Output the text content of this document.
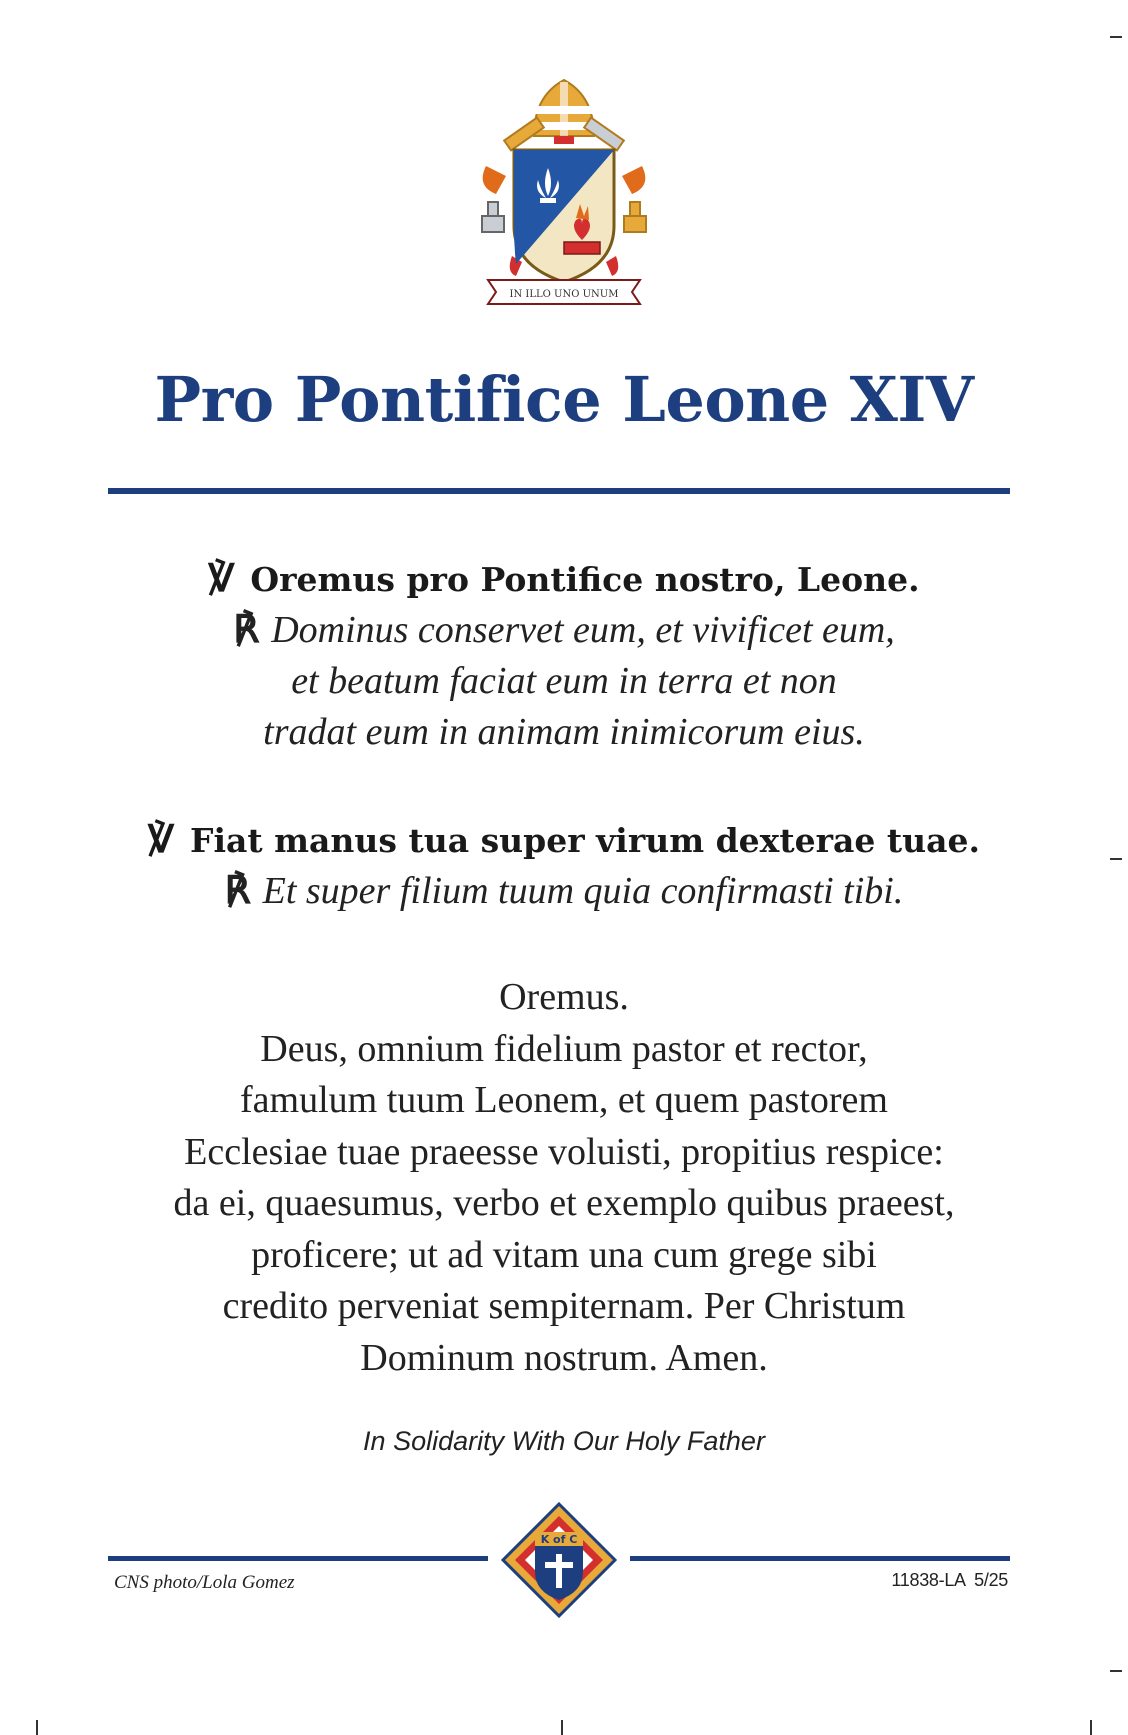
IN ILLO UNO UNUM
Pro Pontifice Leone XIV
℣ Oremus pro Pontifice nostro, Leone.
℟ Dominus conservet eum, et vivificet eum,
et beatum faciat eum in terra et non
tradat eum in animam inimicorum eius.
℣ Fiat manus tua super virum dexterae tuae.
℟ Et super filium tuum quia confirmasti tibi.
Oremus.
Deus, omnium fidelium pastor et rector,
famulum tuum Leonem, et quem pastorem
Ecclesiae tuae praeesse voluisti, propitius respice:
da ei, quaesumus, verbo et exemplo quibus praeest,
proficere; ut ad vitam una cum grege sibi
credito perveniat sempiternam. Per Christum
Dominum nostrum. Amen.
In Solidarity With Our Holy Father
K of C
CNS photo/Lola Gomez	11838-LA  5/25
